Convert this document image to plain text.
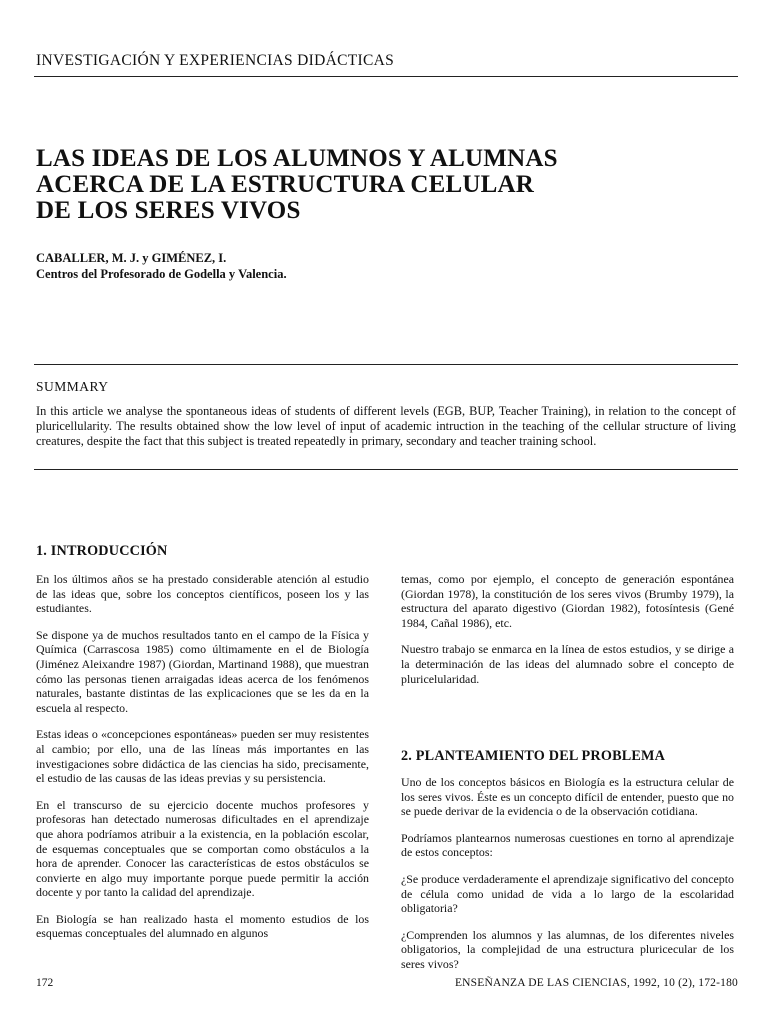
INVESTIGACIÓN Y EXPERIENCIAS DIDÁCTICAS
LAS IDEAS DE LOS ALUMNOS Y ALUMNAS
ACERCA DE LA ESTRUCTURA CELULAR
DE LOS SERES VIVOS
CABALLER, M. J. y GIMÉNEZ, I.
Centros del Profesorado de Godella y Valencia.
SUMMARY
In this article we analyse the spontaneous ideas of students of different levels (EGB, BUP, Teacher Training), in relation to the concept of pluricellularity. The results obtained show the low level of input of academic intruction in the teaching of the cellular structure of living creatures, despite the fact that this subject is treated repeatedly in primary, secondary and teacher training school.
1. INTRODUCCIÓN

En los últimos años se ha prestado considerable atención al estudio de las ideas que, sobre los conceptos científicos, poseen los y las estudiantes.

Se dispone ya de muchos resultados tanto en el campo de la Física y Química (Carrascosa 1985) como últimamente en el de Biología (Jiménez Aleixandre 1987) (Giordan, Martinand 1988), que muestran cómo las personas tienen arraigadas ideas acerca de los fenómenos naturales, bastante distintas de las explicaciones que se les da en la escuela al respecto.

Estas ideas o «concepciones espontáneas» pueden ser muy resistentes al cambio; por ello, una de las líneas más importantes en las investigaciones sobre didáctica de las ciencias ha sido, precisamente, el estudio de las causas de las ideas previas y su persistencia.

En el transcurso de su ejercicio docente muchos profesores y profesoras han detectado numerosas dificultades en el aprendizaje que ahora podríamos atribuir a la existencia, en la población escolar, de esquemas conceptuales que se comportan como obstáculos a la hora de aprender. Conocer las características de estos obstáculos se convierte en algo muy importante porque puede permitir la acción docente y por tanto la calidad del aprendizaje.

En Biología se han realizado hasta el momento estudios de los esquemas conceptuales del alumnado en algunos

temas, como por ejemplo, el concepto de generación espontánea (Giordan 1978), la constitución de los seres vivos (Brumby 1979), la estructura del aparato digestivo (Giordan 1982), fotosíntesis (Gené 1984, Cañal 1986), etc.

Nuestro trabajo se enmarca en la línea de estos estudios, y se dirige a la determinación de las ideas del alumnado sobre el concepto de pluricelularidad.

2. PLANTEAMIENTO DEL PROBLEMA

Uno de los conceptos básicos en Biología es la estructura celular de los seres vivos. Éste es un concepto difícil de entender, puesto que no se puede derivar de la evidencia o de la observación cotidiana.

Podríamos plantearnos numerosas cuestiones en torno al aprendizaje de estos conceptos:

¿Se produce verdaderamente el aprendizaje significativo del concepto de célula como unidad de vida a lo largo de la escolaridad obligatoria?

¿Comprenden los alumnos y las alumnas, de los diferentes niveles obligatorios, la complejidad de una estructura pluricecular de los seres vivos?

172	ENSEÑANZA DE LAS CIENCIAS, 1992, 10 (2), 172-180
